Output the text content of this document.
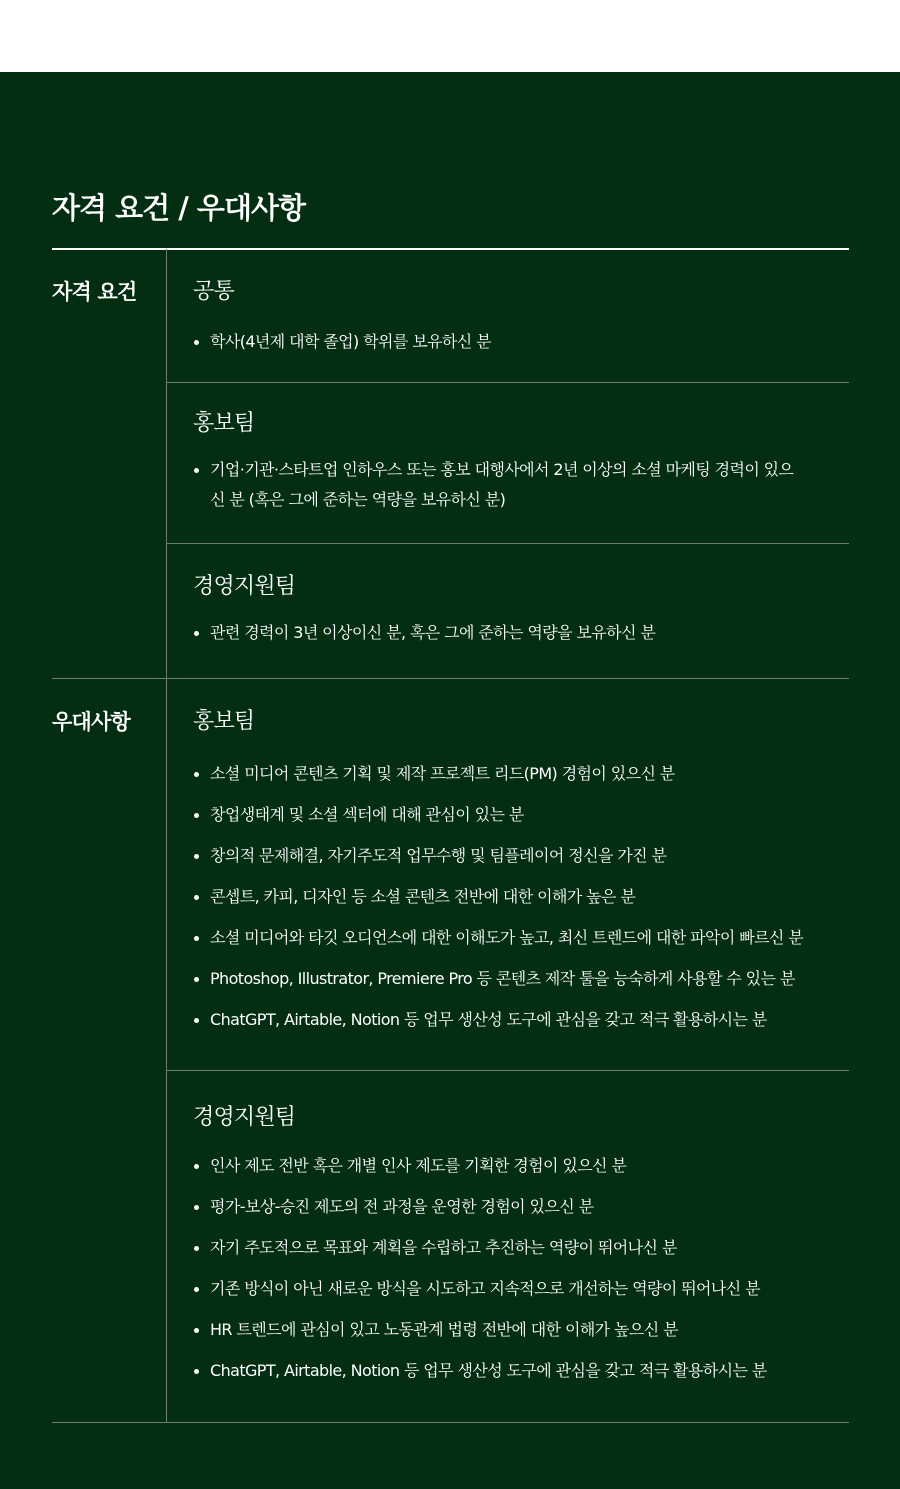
자격 요건 / 우대사항
자격 요건	공통
학사(4년제 대학 졸업) 학위를 보유하신 분
홍보팀
기업·기관·스타트업 인하우스 또는 홍보 대행사에서 2년 이상의 소셜 마케팅 경력이 있으신 분 (혹은 그에 준하는 역량을 보유하신 분)
경영지원팀
관련 경력이 3년 이상이신 분, 혹은 그에 준하는 역량을 보유하신 분
우대사항	홍보팀
소셜 미디어 콘텐츠 기획 및 제작 프로젝트 리드(PM) 경험이 있으신 분
창업생태계 및 소셜 섹터에 대해 관심이 있는 분
창의적 문제해결, 자기주도적 업무수행 및 팀플레이어 정신을 가진 분
콘셉트, 카피, 디자인 등 소셜 콘텐츠 전반에 대한 이해가 높은 분
소셜 미디어와 타깃 오디언스에 대한 이해도가 높고, 최신 트렌드에 대한 파악이 빠르신 분
Photoshop, Illustrator, Premiere Pro 등 콘텐츠 제작 툴을 능숙하게 사용할 수 있는 분
ChatGPT, Airtable, Notion 등 업무 생산성 도구에 관심을 갖고 적극 활용하시는 분
경영지원팀
인사 제도 전반 혹은 개별 인사 제도를 기획한 경험이 있으신 분
평가-보상-승진 제도의 전 과정을 운영한 경험이 있으신 분
자기 주도적으로 목표와 계획을 수립하고 추진하는 역량이 뛰어나신 분
기존 방식이 아닌 새로운 방식을 시도하고 지속적으로 개선하는 역량이 뛰어나신 분
HR 트렌드에 관심이 있고 노동관계 법령 전반에 대한 이해가 높으신 분
ChatGPT, Airtable, Notion 등 업무 생산성 도구에 관심을 갖고 적극 활용하시는 분
